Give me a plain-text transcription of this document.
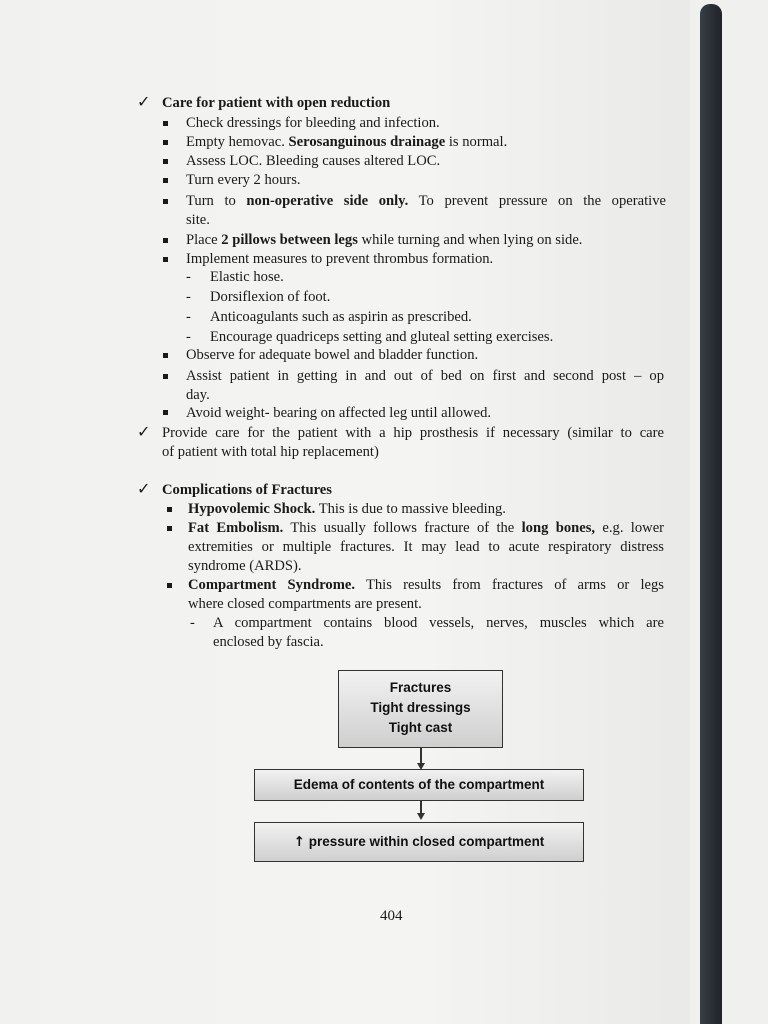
✓ Care for patient with open reduction
Check dressings for bleeding and infection.
Empty hemovac. Serosanguinous drainage is normal.
Assess LOC. Bleeding causes altered LOC.
Turn every 2 hours.
Turn to non-operative side only. To prevent pressure on the operative
site.
Place 2 pillows between legs while turning and when lying on side.
Implement measures to prevent thrombus formation.
- Elastic hose.
- Dorsiflexion of foot.
- Anticoagulants such as aspirin as prescribed.
- Encourage quadriceps setting and gluteal setting exercises.
Observe for adequate bowel and bladder function.
Assist patient in getting in and out of bed on first and second post – op
day.
Avoid weight- bearing on affected leg until allowed.
✓ Provide care for the patient with a hip prosthesis if necessary (similar to care
of patient with total hip replacement)
✓ Complications of Fractures
Hypovolemic Shock. This is due to massive bleeding.
Fat Embolism. This usually follows fracture of the long bones, e.g. lower
extremities or multiple fractures. It may lead to acute respiratory distress
syndrome (ARDS).
Compartment Syndrome. This results from fractures of arms or legs
where closed compartments are present.
- A compartment contains blood vessels, nerves, muscles which are
enclosed by fascia.
Fractures
Tight dressings
Tight cast
Edema of contents of the compartment
↑ pressure within closed compartment
404
